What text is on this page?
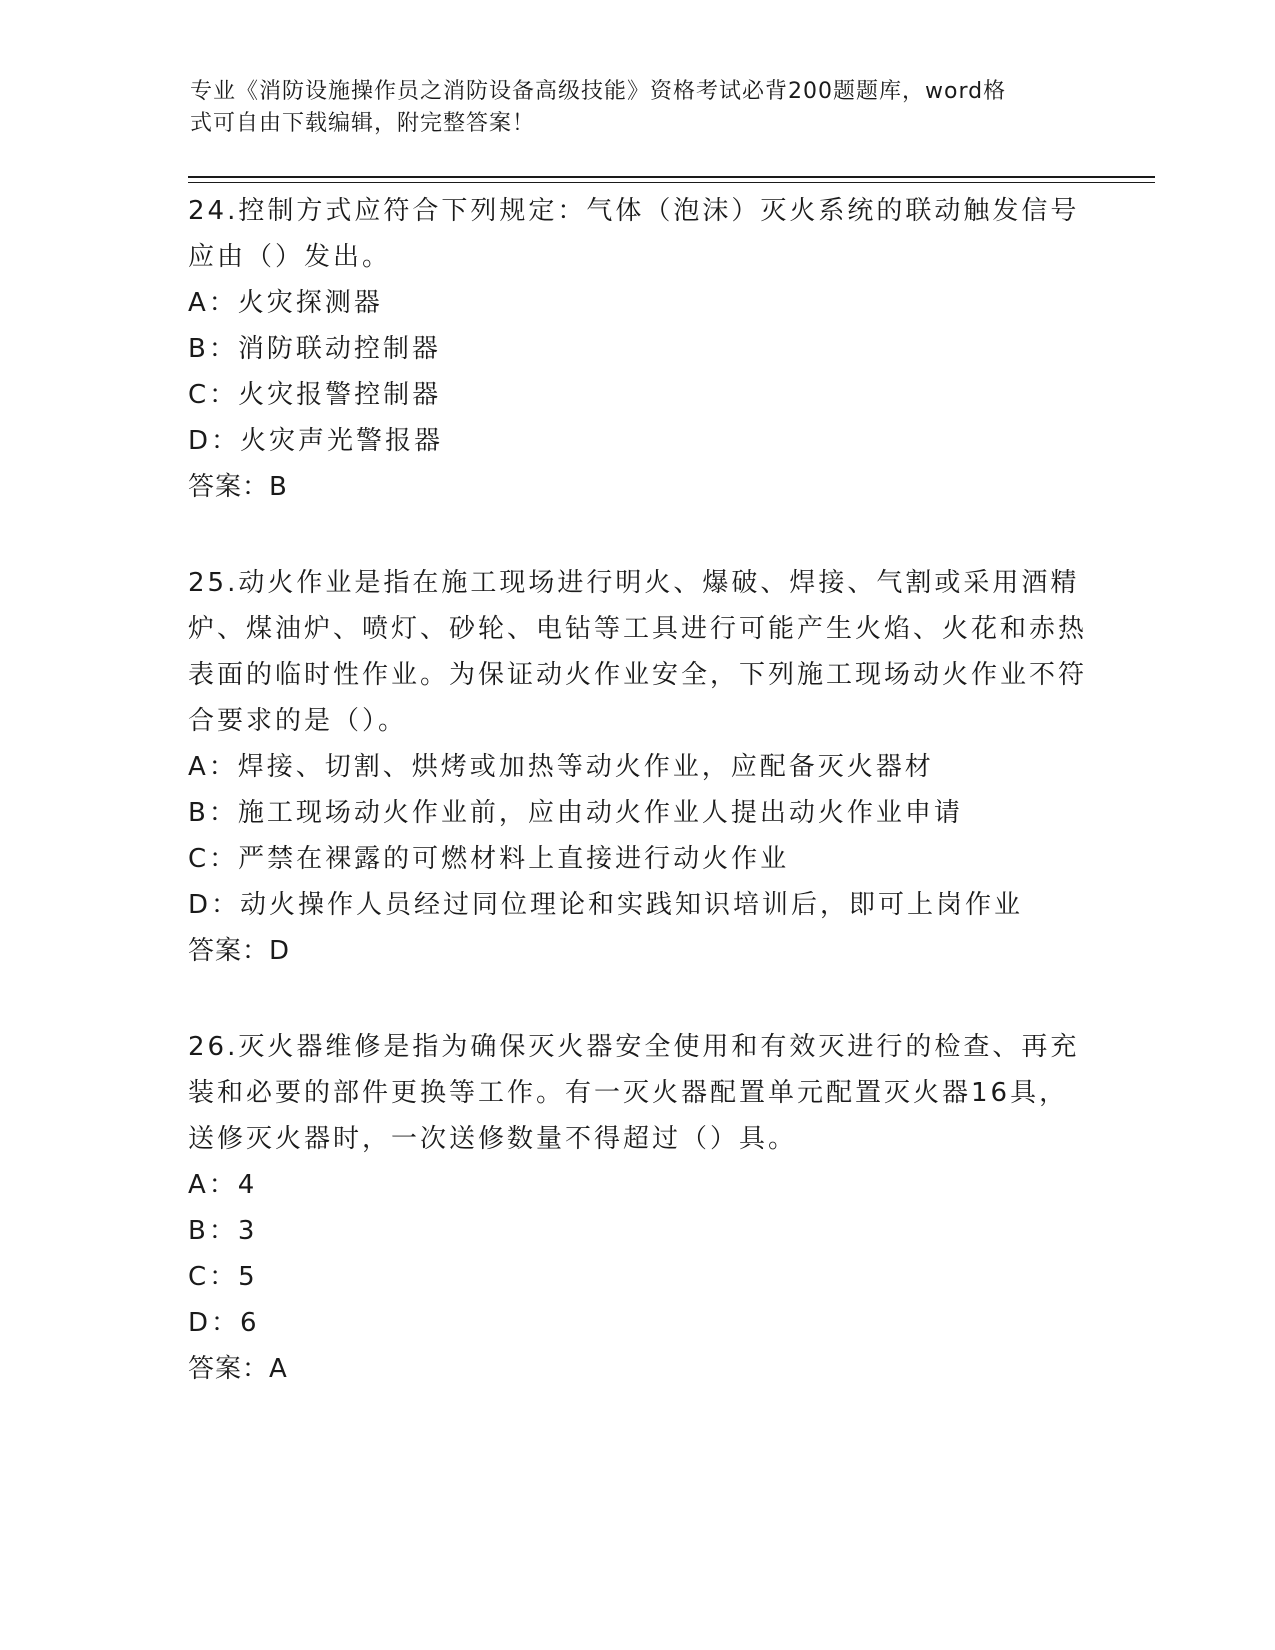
专业《消防设施操作员之消防设备高级技能》资格考试必背200题题库，word格
式可自由下载编辑，附完整答案！

24.控制方式应符合下列规定：气体（泡沫）灭火系统的联动触发信号应由（）发出。

A：火灾探测器

B：消防联动控制器

C：火灾报警控制器

D：火灾声光警报器

答案：B

25.动火作业是指在施工现场进行明火、爆破、焊接、气割或采用酒精炉、煤油炉、喷灯、砂轮、电钻等工具进行可能产生火焰、火花和赤热表面的临时性作业。为保证动火作业安全，下列施工现场动火作业不符合要求的是（）。

A：焊接、切割、烘烤或加热等动火作业，应配备灭火器材

B：施工现场动火作业前，应由动火作业人提出动火作业申请

C：严禁在裸露的可燃材料上直接进行动火作业

D：动火操作人员经过同位理论和实践知识培训后，即可上岗作业

答案：D

26.灭火器维修是指为确保灭火器安全使用和有效灭进行的检查、再充装和必要的部件更换等工作。有一灭火器配置单元配置灭火器16具，送修灭火器时，一次送修数量不得超过（）具。

A：4

B：3

C：5

D：6

答案：A
